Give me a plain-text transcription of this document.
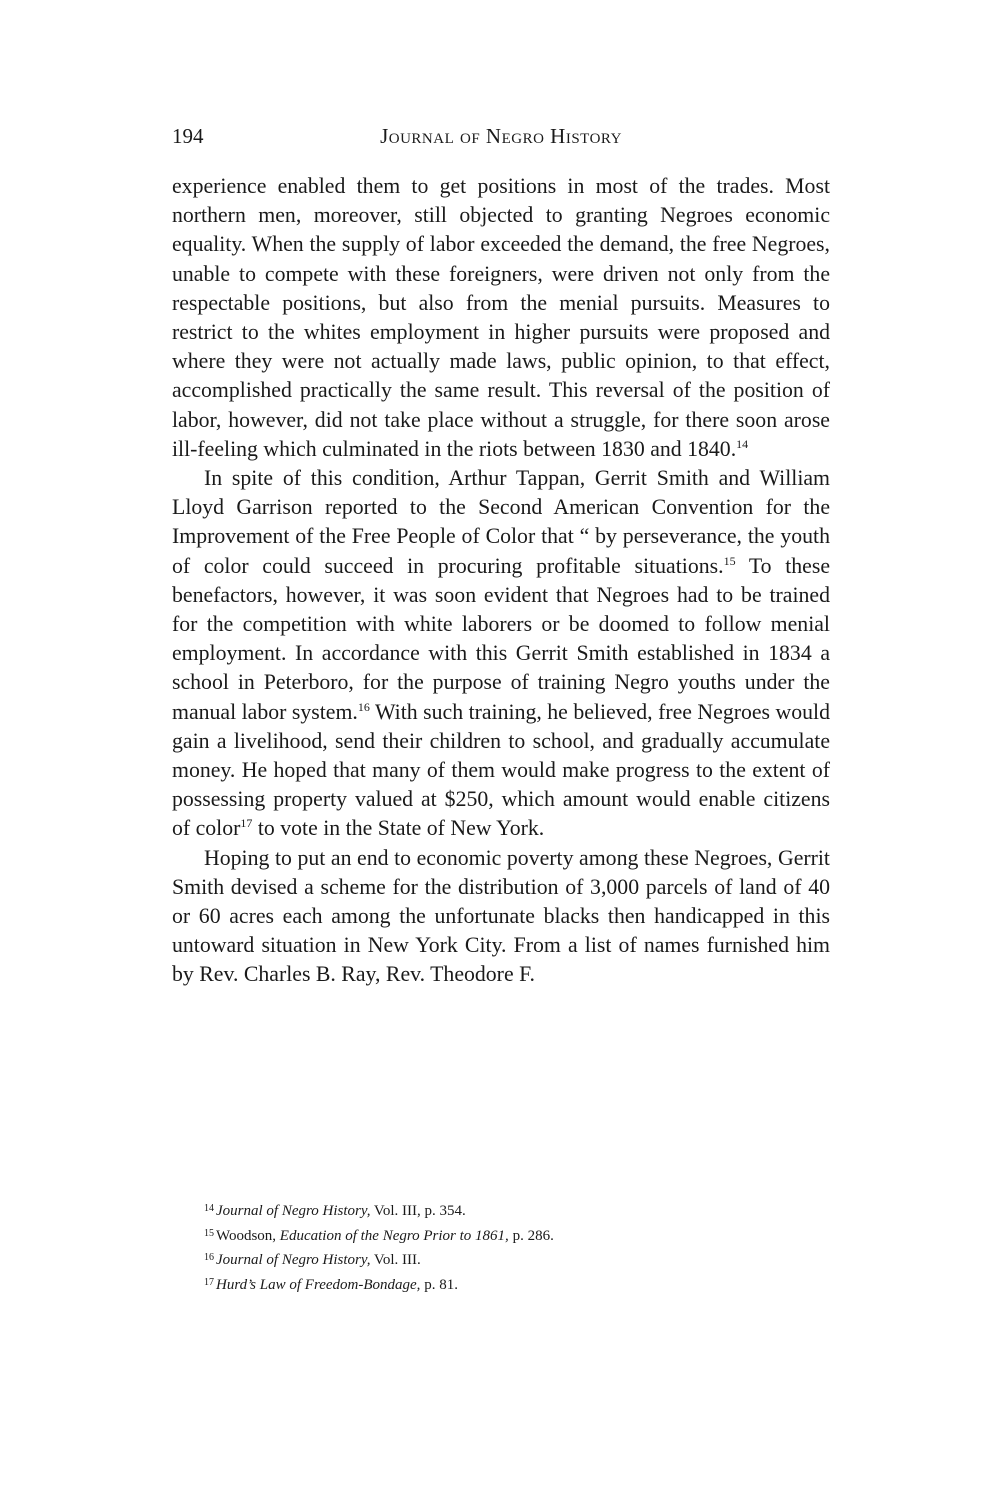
194	Journal of Negro History

experience enabled them to get positions in most of the trades. Most northern men, moreover, still objected to granting Negroes economic equality. When the supply of labor exceeded the demand, the free Negroes, unable to compete with these foreigners, were driven not only from the respectable positions, but also from the menial pursuits. Measures to restrict to the whites employment in higher pursuits were proposed and where they were not actually made laws, public opinion, to that effect, accomplished practically the same result. This reversal of the position of labor, however, did not take place without a struggle, for there soon arose ill-feeling which culminated in the riots between 1830 and 1840.14

In spite of this condition, Arthur Tappan, Gerrit Smith and William Lloyd Garrison reported to the Second American Convention for the Improvement of the Free People of Color that “ by perseverance, the youth of color could succeed in procuring profitable situations.$^{15}$ To these benefactors, however, it was soon evident that Negroes had to be trained for the competition with white laborers or be doomed to follow menial employment. In accordance with this Gerrit Smith established in 1834 a school in Peterboro, for the purpose of training Negro youths under the manual labor system.$^{16}$ With such training, he believed, free Negroes would gain a livelihood, send their children to school, and gradually accumulate money. He hoped that many of them would make progress to the extent of possessing property valued at $250, which amount would enable citizens of color$^{17}$ to vote in the State of New York.

Hoping to put an end to economic poverty among these Negroes, Gerrit Smith devised a scheme for the distribution of 3,000 parcels of land of 40 or 60 acres each among the unfortunate blacks then handicapped in this untoward situation in New York City. From a list of names furnished him by Rev. Charles B. Ray, Rev. Theodore F.

$^{14}$ Journal of Negro History, Vol. III, p. 354.

$^{15}$ Woodson, Education of the Negro Prior to 1861, p. 286.

$^{16}$ Journal of Negro History, Vol. III.

$^{17}$ Hurd’s Law of Freedom-Bondage, p. 81.
